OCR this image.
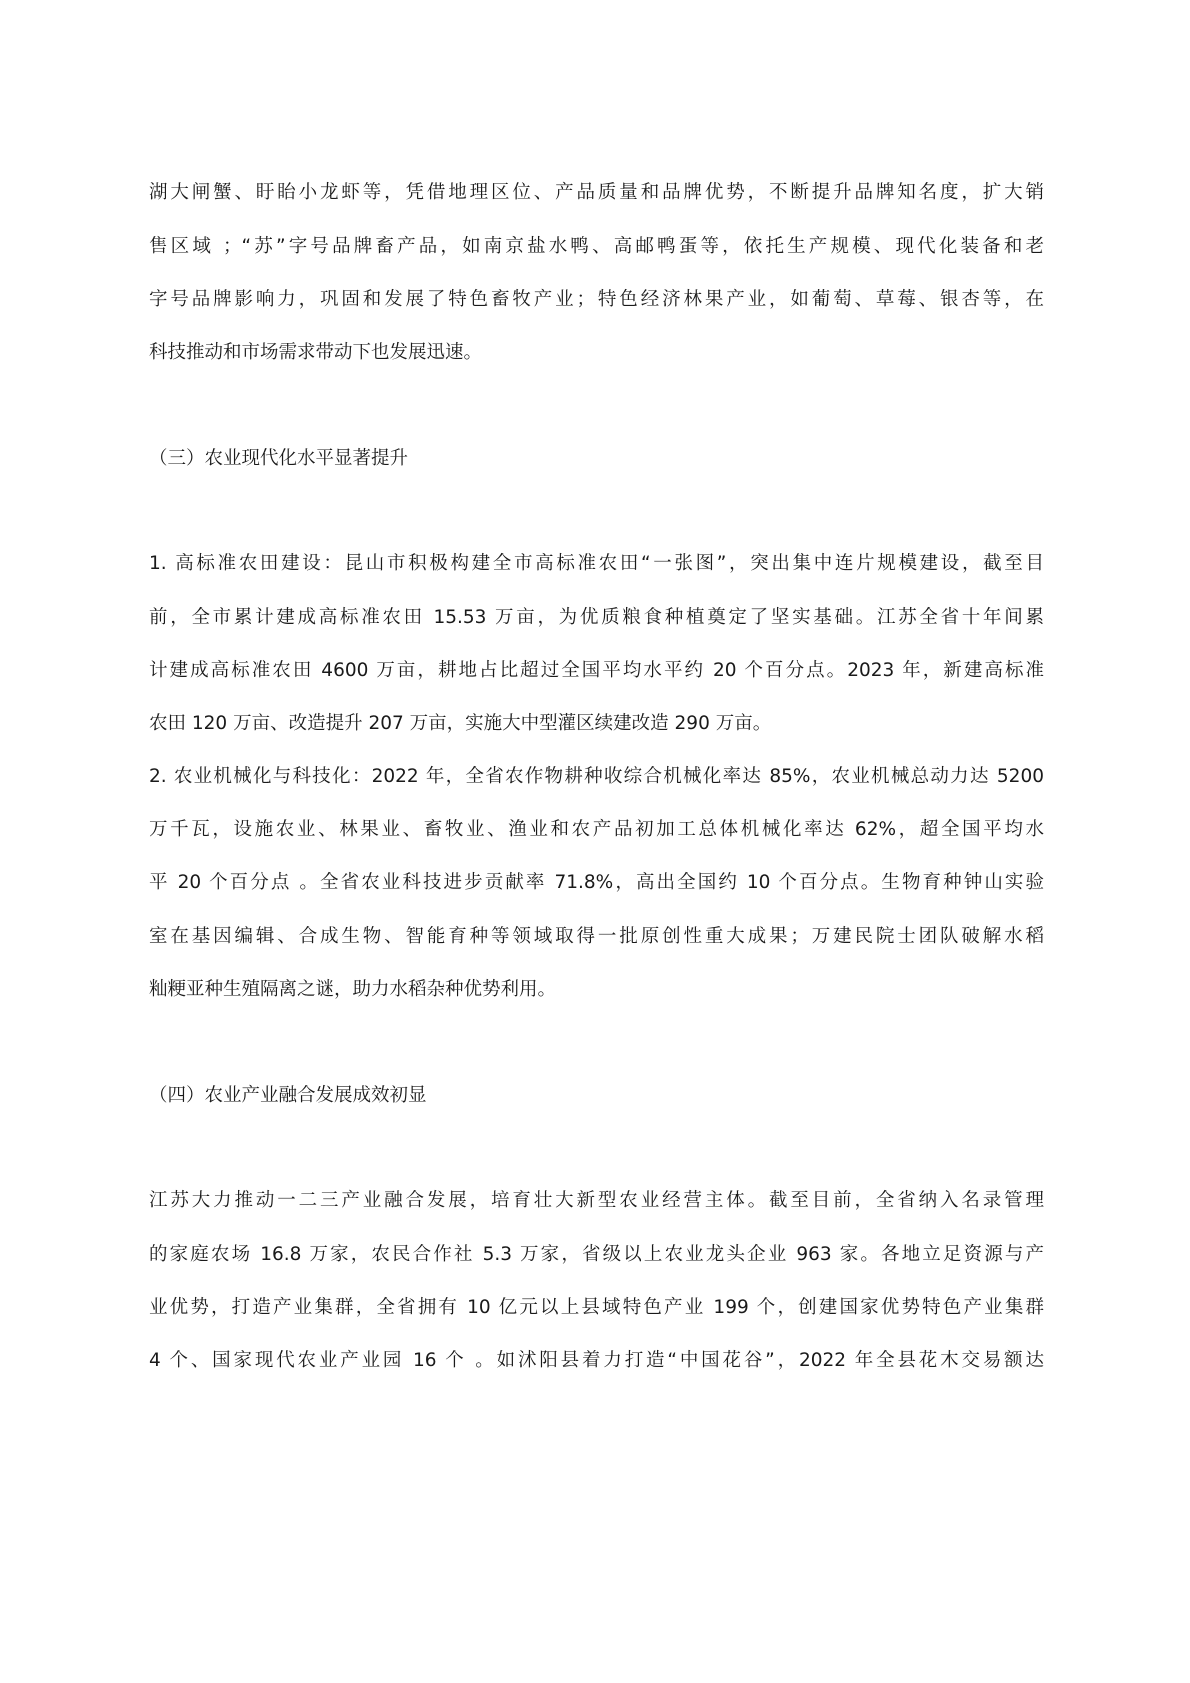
湖大闸蟹、盱眙小龙虾等，凭借地理区位、产品质量和品牌优势，不断提升品牌知名度，扩大销
售区域 ；“苏”字号品牌畜产品，如南京盐水鸭、高邮鸭蛋等，依托生产规模、现代化装备和老
字号品牌影响力，巩固和发展了特色畜牧产业；特色经济林果产业，如葡萄、草莓、银杏等，在
科技推动和市场需求带动下也发展迅速。
（三）农业现代化水平显著提升
1. 高标准农田建设：昆山市积极构建全市高标准农田“一张图”，突出集中连片规模建设，截至目
前，全市累计建成高标准农田 15.53 万亩，为优质粮食种植奠定了坚实基础。江苏全省十年间累
计建成高标准农田 4600 万亩，耕地占比超过全国平均水平约 20 个百分点。2023 年，新建高标准
农田 120 万亩、改造提升 207 万亩，实施大中型灌区续建改造 290 万亩。
2. 农业机械化与科技化：2022 年，全省农作物耕种收综合机械化率达 85%，农业机械总动力达 5200
万千瓦，设施农业、林果业、畜牧业、渔业和农产品初加工总体机械化率达 62%，超全国平均水
平 20 个百分点 。全省农业科技进步贡献率 71.8%，高出全国约 10 个百分点。生物育种钟山实验
室在基因编辑、合成生物、智能育种等领域取得一批原创性重大成果；万建民院士团队破解水稻
籼粳亚种生殖隔离之谜，助力水稻杂种优势利用。
（四）农业产业融合发展成效初显
江苏大力推动一二三产业融合发展，培育壮大新型农业经营主体。截至目前，全省纳入名录管理
的家庭农场 16.8 万家，农民合作社 5.3 万家，省级以上农业龙头企业 963 家。各地立足资源与产
业优势，打造产业集群，全省拥有 10 亿元以上县域特色产业 199 个，创建国家优势特色产业集群
4 个、国家现代农业产业园 16 个 。如沭阳县着力打造“中国花谷”，2022 年全县花木交易额达
